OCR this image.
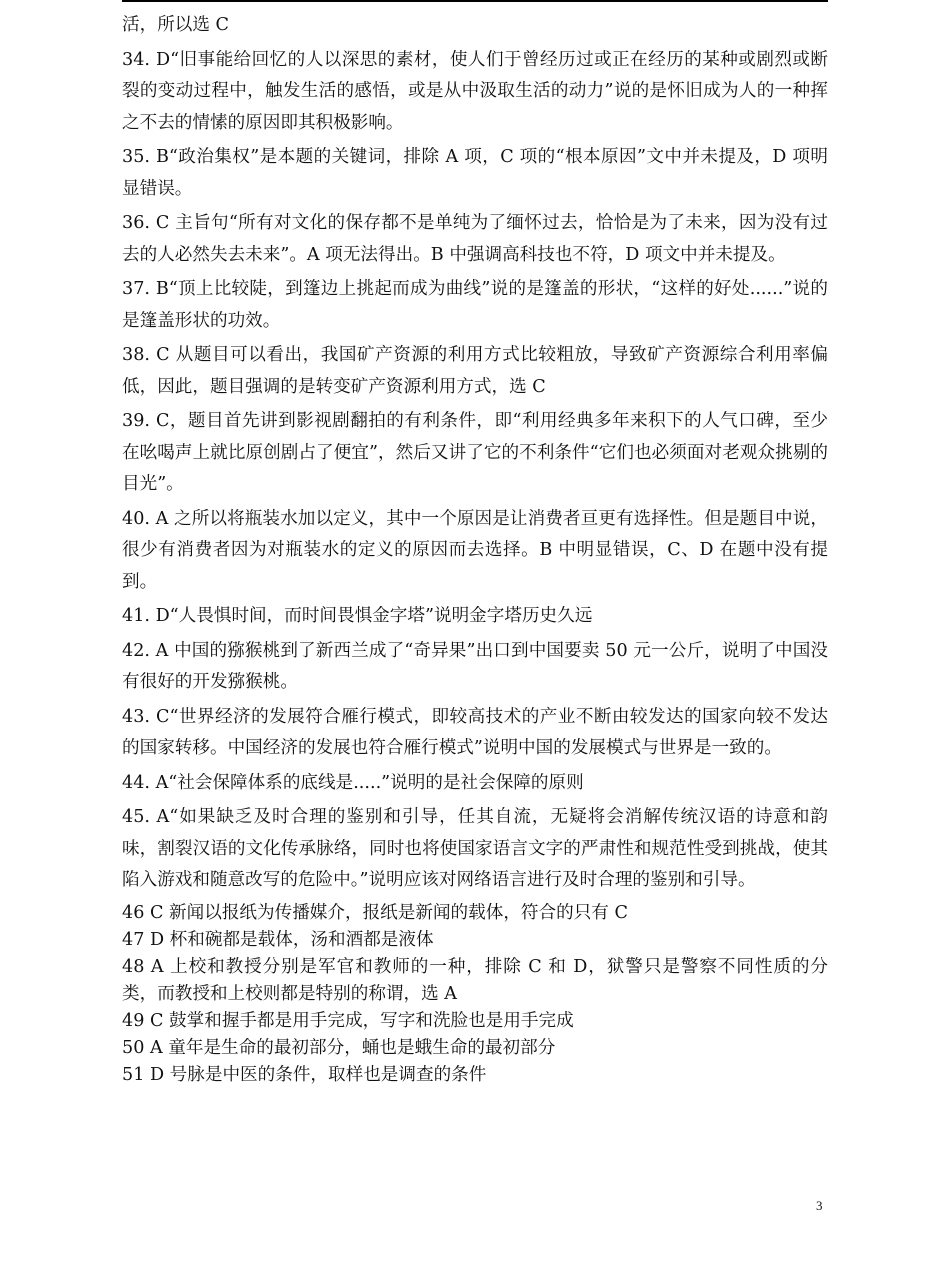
活，所以选 C

34. D“旧事能给回忆的人以深思的素材，使人们于曾经历过或正在经历的某种或剧烈或断裂的变动过程中，触发生活的感悟，或是从中汲取生活的动力”说的是怀旧成为人的一种挥之不去的情愫的原因即其积极影响。

35. B“政治集权”是本题的关键词，排除 A 项，C 项的“根本原因”文中并未提及，D 项明显错误。

36. C 主旨句“所有对文化的保存都不是单纯为了缅怀过去，恰恰是为了未来，因为没有过去的人必然失去未来”。A 项无法得出。B 中强调高科技也不符，D 项文中并未提及。

37. B“顶上比较陡，到篷边上挑起而成为曲线”说的是篷盖的形状，“这样的好处......”说的是篷盖形状的功效。

38. C 从题目可以看出，我国矿产资源的利用方式比较粗放，导致矿产资源综合利用率偏低，因此，题目强调的是转变矿产资源利用方式，选 C

39. C，题目首先讲到影视剧翻拍的有利条件，即“利用经典多年来积下的人气口碑，至少在吆喝声上就比原创剧占了便宜”，然后又讲了它的不利条件“它们也必须面对老观众挑剔的目光”。

40. A 之所以将瓶装水加以定义，其中一个原因是让消费者亘更有选择性。但是题目中说，很少有消费者因为对瓶装水的定义的原因而去选择。B 中明显错误，C、D 在题中没有提到。

41. D“人畏惧时间，而时间畏惧金字塔”说明金字塔历史久远

42. A 中国的猕猴桃到了新西兰成了“奇异果”出口到中国要卖 50 元一公斤，说明了中国没有很好的开发猕猴桃。

43. C“世界经济的发展符合雁行模式，即较高技术的产业不断由较发达的国家向较不发达的国家转移。中国经济的发展也符合雁行模式”说明中国的发展模式与世界是一致的。

44. A“社会保障体系的底线是.....”说明的是社会保障的原则

45. A“如果缺乏及时合理的鉴别和引导，任其自流，无疑将会消解传统汉语的诗意和韵味，割裂汉语的文化传承脉络，同时也将使国家语言文字的严肃性和规范性受到挑战，使其陷入游戏和随意改写的危险中。”说明应该对网络语言进行及时合理的鉴别和引导。

46 C 新闻以报纸为传播媒介，报纸是新闻的载体，符合的只有 C

47 D 杯和碗都是载体，汤和酒都是液体

48 A 上校和教授分别是军官和教师的一种，排除 C 和 D，狱警只是警察不同性质的分类，而教授和上校则都是特别的称谓，选 A

49 C 鼓掌和握手都是用手完成，写字和洗脸也是用手完成

50 A 童年是生命的最初部分，蛹也是蛾生命的最初部分

51 D 号脉是中医的条件，取样也是调查的条件

3
